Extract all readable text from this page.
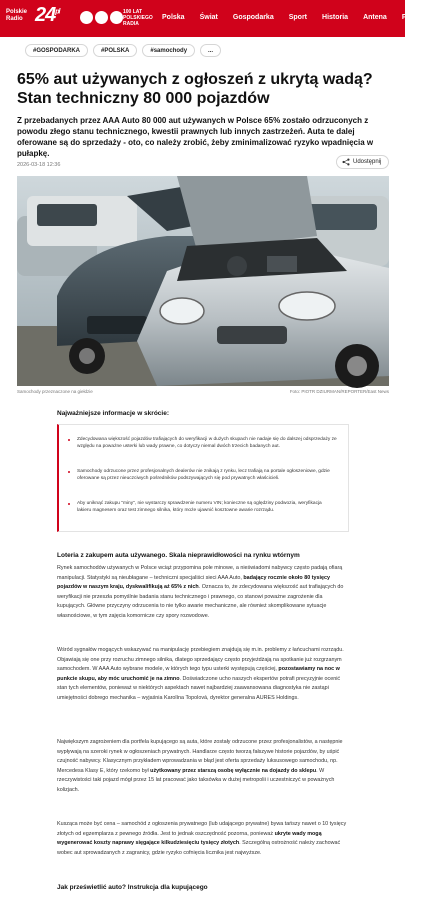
Polskie
Radio $24^{pl}$	100 LAT
POLSKIEGO
RADIA
Polska Świat Gospodarka Sport Historia Antena Podcasty
#GOSPODARKA	#POLSKA	#samochody	...
65% aut używanych z ogłoszeń z ukrytą wadą? Stan techniczny 80 000 pojazdów

Z przebadanych przez AAA Auto 80 000 aut używanych w Polsce 65% zostało odrzuconych z powodu złego stanu technicznego, kwestii prawnych lub innych zastrzeżeń. Auta te dalej oferowane są do sprzedaży - oto, co należy zrobić, żeby zminimalizować ryzyko wpadnięcia w pułapkę.

2026-03-18 12:36
Udostępnij
Samochody przeznaczone na giełdzie	Foto: PIOTR DZIURMAN/REPORTER/East News
Najważniejsze informacje w skrócie:
Zdecydowana większość pojazdów trafiających do weryfikacji w dużych skupach nie nadaje się do dalszej odsprzedaży ze względu na poważne usterki lub wady prawne, co dotyczy niemal dwóch trzecich badanych aut.
Samochody odrzucone przez profesjonalnych dealerów nie znikają z rynku, lecz trafiają na portale ogłoszeniowe, gdzie oferowane są przez nieuczciwych pośredników podszywających się pod prywatnych właścicieli.
Aby uniknąć zakupu "miny", nie wystarczy sprawdzenie numeru VIN; konieczne są oględziny podwozia, weryfikacja lakieru magnesem oraz test zimnego silnika, który może ujawnić kosztowne awarie rozrządu.
Loteria z zakupem auta używanego. Skala nieprawidłowości na rynku wtórnym

Rynek samochodów używanych w Polsce wciąż przypomina pole minowe, a nieświadomi nabywcy często padają ofiarą manipulacji. Statystyki są nieubłagane – techniczni specjaliści sieci AAA Auto, badający rocznie około 80 tysięcy pojazdów w naszym kraju, dyskwalifikują aż 65% z nich. Oznacza to, że zdecydowana większość aut trafiających do weryfikacji nie przeszła pomyślnie badania stanu technicznego i prawnego, co stanowi poważne zagrożenie dla kupujących. Główne przyczyny odrzucenia to nie tylko awarie mechaniczne, ale również skomplikowane sytuacje własnościowe, w tym zajęcia komornicze czy spory rozwodowe.

Wśród sygnałów mogących wskazywać na manipulację przebiegiem znajdują się m.in. problemy z łańcuchami rozrządu. Objawiają się one przy rozruchu zimnego silnika, dlatego sprzedający często przyjeżdżają na spotkanie już rozgrzanym samochodem. W AAA Auto wybrane modele, w których tego typu usterki występują częściej, pozostawiamy na noc w punkcie skupu, aby móc uruchomić je na zimno. Doświadczone ucho naszych ekspertów potrafi precyzyjnie ocenić stan tych elementów, ponieważ w niektórych aspektach nawet najbardziej zaawansowana diagnostyka nie zastąpi umiejętności dobrego mechanika – wyjaśnia Karolína Topolová, dyrektor generalna AURES Holdings.

Największym zagrożeniem dla portfela kupującego są auta, które zostały odrzucone przez profesjonalistów, a następnie wypływają na szeroki rynek w ogłoszeniach prywatnych. Handlarze często tworzą fałszywe historie pojazdów, by uśpić czujność nabywcy. Klasycznym przykładem wprowadzania w błąd jest oferta sprzedaży luksusowego samochodu, np. Mercedesa Klasy E, który rzekomo był użytkowany przez starszą osobę wyłącznie na dojazdy do sklepu. W rzeczywistości taki pojazd mógł przez 15 lat pracować jako taksówka w dużej metropolii i uczestniczyć w poważnych kolizjach.

Kusząca może być cena – samochód z ogłoszenia prywatnego (lub udającego prywatne) bywa tańszy nawet o 10 tysięcy złotych od egzemplarza z pewnego źródła. Jest to jednak oszczędność pozorna, ponieważ ukryte wady mogą wygenerować koszty naprawy sięgające kilkudziesięciu tysięcy złotych. Szczególną ostrożność należy zachować wobec aut sprowadzanych z zagranicy, gdzie ryzyko cofnięcia licznika jest najwyższe.

Jak prześwietlić auto? Instrukcja dla kupującego
